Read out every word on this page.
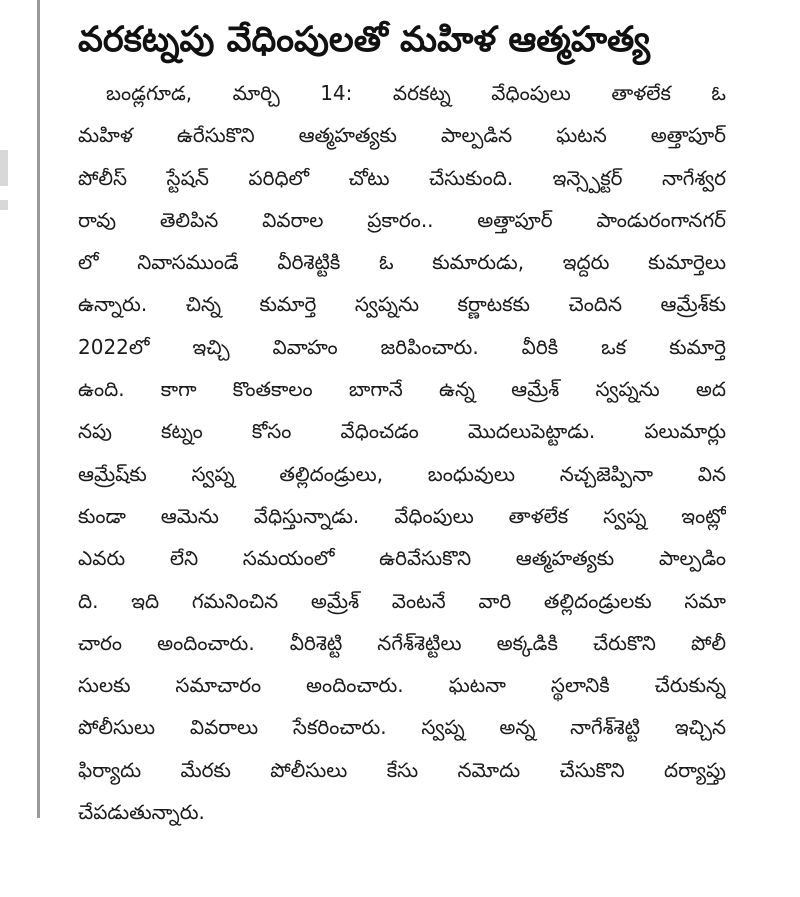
వరకట్నపు వేధింపులతో మహిళ ఆత్మహత్య
బండ్లగూడ, మార్చి 14: వరకట్న వేధింపులు తాళలేక ఓ
మహిళ ఉరేసుకొని ఆత్మహత్యకు పాల్పడిన ఘటన అత్తాపూర్
పోలీస్ స్టేషన్ పరిధిలో చోటు చేసుకుంది. ఇన్స్పెక్టర్ నాగేశ్వర
రావు తెలిపిన వివరాల ప్రకారం.. అత్తాపూర్ పాండురంగానగర్
లో నివాసముండే వీరిశెట్టికి ఓ కుమారుడు, ఇద్దరు కుమార్తెలు
ఉన్నారు. చిన్న కుమార్తె స్వప్నను కర్ణాటకకు చెందిన ఆమ్రేశ్‌కు
2022లో ఇచ్చి వివాహం జరిపించారు. వీరికి ఒక కుమార్తె
ఉంది. కాగా కొంతకాలం బాగానే ఉన్న ఆమ్రేశ్ స్వప్నను అద
నపు కట్నం కోసం వేధించడం మొదలుపెట్టాడు. పలుమార్లు
ఆమ్రేష్‌కు స్వప్న తల్లిదండ్రులు, బంధువులు నచ్చజెప్పినా విన
కుండా ఆమెను వేధిస్తున్నాడు. వేధింపులు తాళలేక స్వప్న ఇంట్లో
ఎవరు లేని సమయంలో ఉరివేసుకొని ఆత్మహత్యకు పాల్పడిం
ది. ఇది గమనించిన అమ్రేశ్ వెంటనే వారి తల్లిదండ్రులకు సమా
చారం అందించారు. వీరిశెట్టి నగేశ్‌శెట్టిలు అక్కడికి చేరుకొని పోలీ
సులకు సమాచారం అందించారు. ఘటనా స్థలానికి చేరుకున్న
పోలీసులు వివరాలు సేకరించారు. స్వప్న అన్న నాగేశ్‌శెట్టి ఇచ్చిన
ఫిర్యాదు మేరకు పోలీసులు కేసు నమోదు చేసుకొని దర్యాప్తు
చేపడుతున్నారు.
